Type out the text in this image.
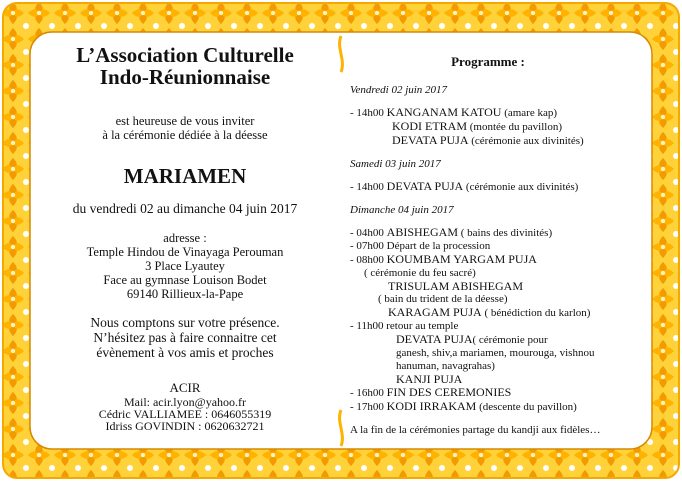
L’Association Culturelle
Indo-Réunionnaise
est heureuse de vous inviter
à la cérémonie dédiée à la déesse
MARIAMEN
du vendredi 02 au dimanche 04 juin 2017
adresse :
Temple Hindou de Vinayaga Perouman
3 Place Lyautey
Face au gymnase Louison Bodet
69140 Rillieux-la-Pape
Nous comptons sur votre présence.
N’hésitez pas à faire connaitre cet
évènement à vos amis et proches
ACIR
Mail: acir.lyon@yahoo.fr
Cédric VALLIAMEE : 0646055319
Idriss GOVINDIN : 0620632721
Programme :
Vendredi 02 juin 2017
- 14h00 KANGANAM KATOU (amare kap)
KODI ETRAM (montée du pavillon)
DEVATA PUJA (cérémonie aux divinités)
Samedi 03 juin 2017
- 14h00 DEVATA PUJA (cérémonie aux divinités)
Dimanche 04 juin 2017
- 04h00 ABISHEGAM ( bains des divinités)
- 07h00 Départ de la procession
- 08h00 KOUMBAM YARGAM PUJA
( cérémonie du feu sacré)
TRISULAM ABISHEGAM
( bain du trident de la déesse)
KARAGAM PUJA ( bénédiction du karlon)
- 11h00 retour au temple
DEVATA PUJA( cérémonie pour
ganesh, shiv,a mariamen, mourouga, vishnou
hanuman, navagrahas)
KANJI PUJA
- 16h00 FIN DES CEREMONIES
- 17h00 KODI IRRAKAM (descente du pavillon)
A la fin de la cérémonies partage du kandji aux fidèles…
